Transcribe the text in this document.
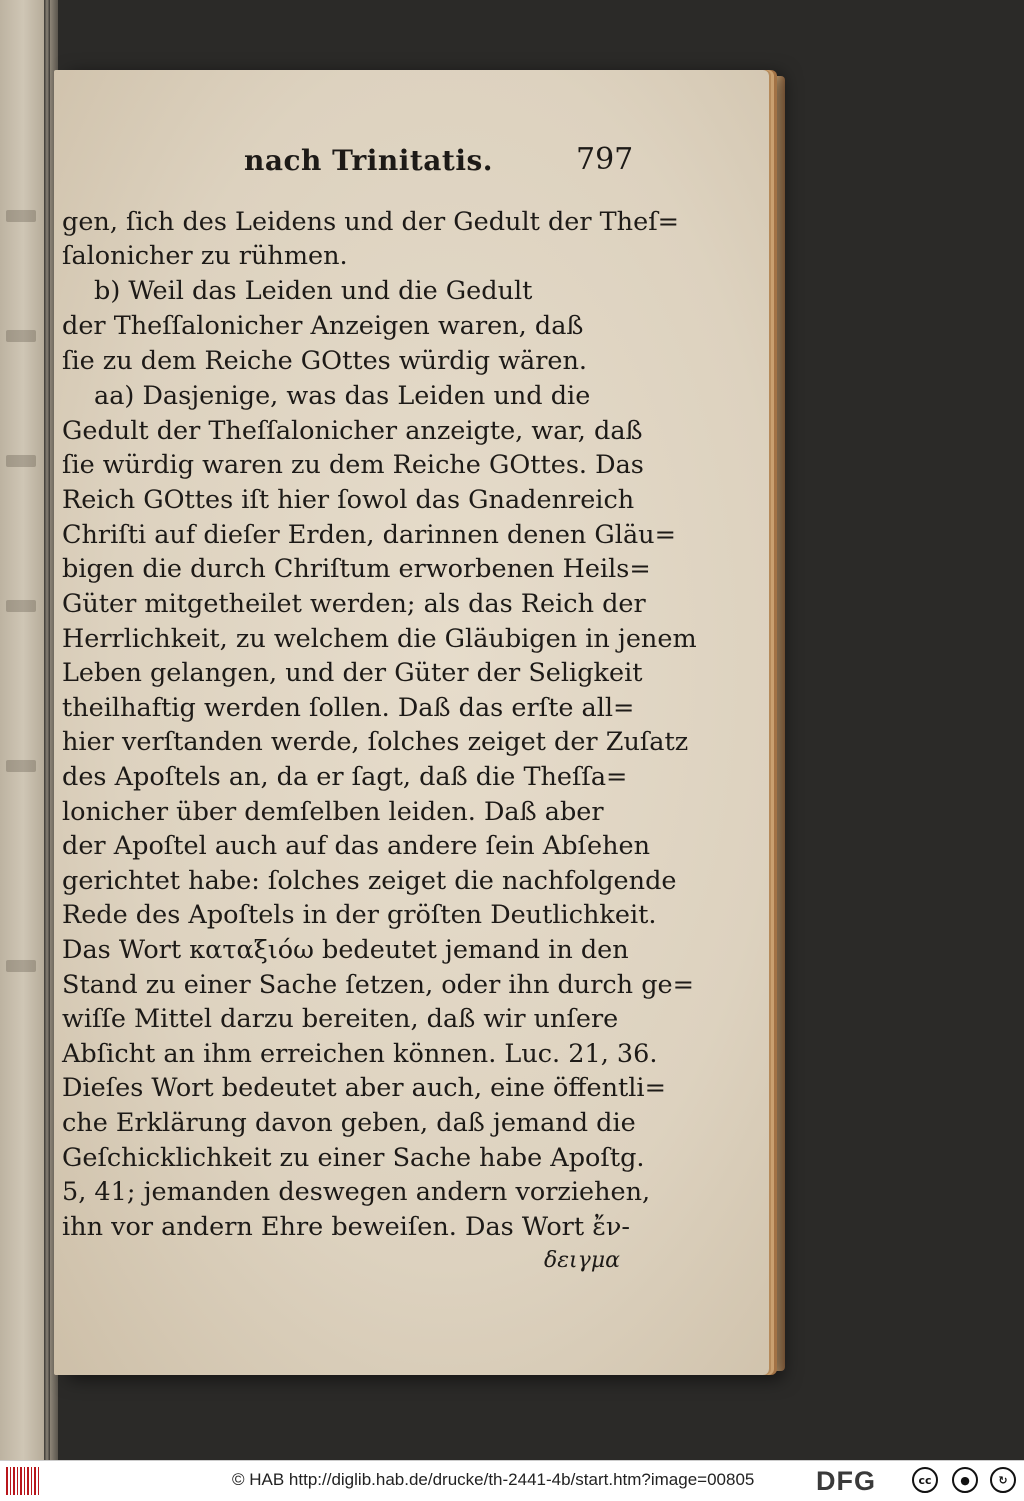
nach Trinitatis.	797
gen, ſich des Leidens und der Gedult der Theſ=
ſalonicher zu rühmen.
b) Weil das Leiden und die Gedult
der Theſſalonicher Anzeigen waren, daß
ſie zu dem Reiche GOttes würdig wären.
aa) Dasjenige, was das Leiden und die
Gedult der Theſſalonicher anzeigte, war, daß
ſie würdig waren zu dem Reiche GOttes. Das
Reich GOttes iſt hier ſowol das Gnadenreich
Chriſti auf dieſer Erden, darinnen denen Gläu=
bigen die durch Chriſtum erworbenen Heils=
Güter mitgetheilet werden; als das Reich der
Herrlichkeit, zu welchem die Gläubigen in jenem
Leben gelangen, und der Güter der Seligkeit
theilhaftig werden ſollen. Daß das erſte all=
hier verſtanden werde, ſolches zeiget der Zuſatz
des Apoſtels an, da er ſagt, daß die Theſſa=
lonicher über demſelben leiden. Daß aber
der Apoſtel auch auf das andere ſein Abſehen
gerichtet habe: ſolches zeiget die nachfolgende
Rede des Apoſtels in der gröſten Deutlichkeit.
Das Wort καταξιόω bedeutet jemand in den
Stand zu einer Sache ſetzen, oder ihn durch ge=
wiſſe Mittel darzu bereiten, daß wir unſere
Abſicht an ihm erreichen können. Luc. 21, 36.
Dieſes Wort bedeutet aber auch, eine öffentli=
che Erklärung davon geben, daß jemand die
Geſchicklichkeit zu einer Sache habe Apoſtg.
5, 41; jemanden deswegen andern vorziehen,
ihn vor andern Ehre beweiſen. Das Wort ἔν-
δειγμα
© HAB http://diglib.hab.de/drucke/th-2441-4b/start.htm?image=00805 DFG	cc	●	↻
